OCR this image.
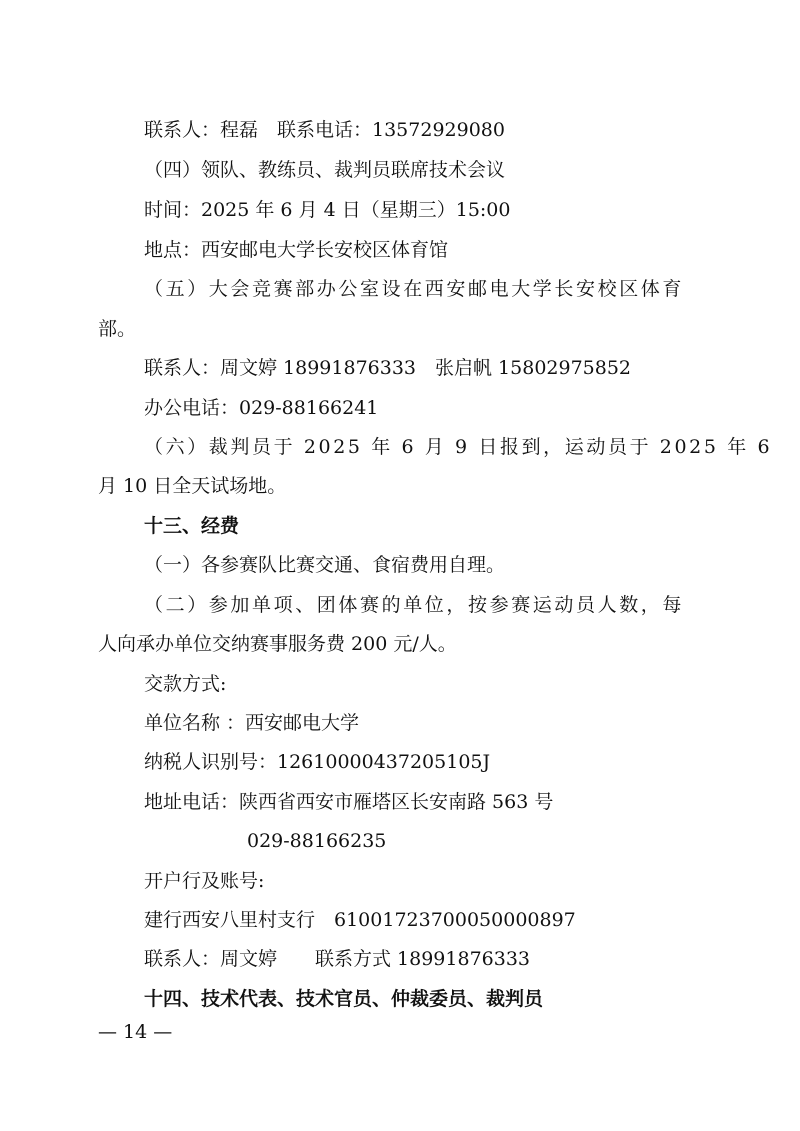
联系人：程磊　联系电话：13572929080
（四）领队、教练员、裁判员联席技术会议
时间：2025 年 6 月 4 日（星期三）15:00
地点：西安邮电大学长安校区体育馆
（五）大会竞赛部办公室设在西安邮电大学长安校区体育
部。
联系人：周文婷 18991876333　张启帆 15802975852
办公电话：029-88166241
（六）裁判员于 2025 年 6 月 9 日报到，运动员于 2025 年 6
月 10 日全天试场地。
十三、经费
（一）各参赛队比赛交通、食宿费用自理。
（二）参加单项、团体赛的单位，按参赛运动员人数，每
人向承办单位交纳赛事服务费 200 元/人。
交款方式:
单位名称 ：西安邮电大学
纳税人识别号：12610000437205105J
地址电话：陕西省西安市雁塔区长安南路 563 号
029-88166235
开户行及账号:
建行西安八里村支行　61001723700050000897
联系人：周文婷　　联系方式 18991876333
十四、技术代表、技术官员、仲裁委员、裁判员
— 14 —
